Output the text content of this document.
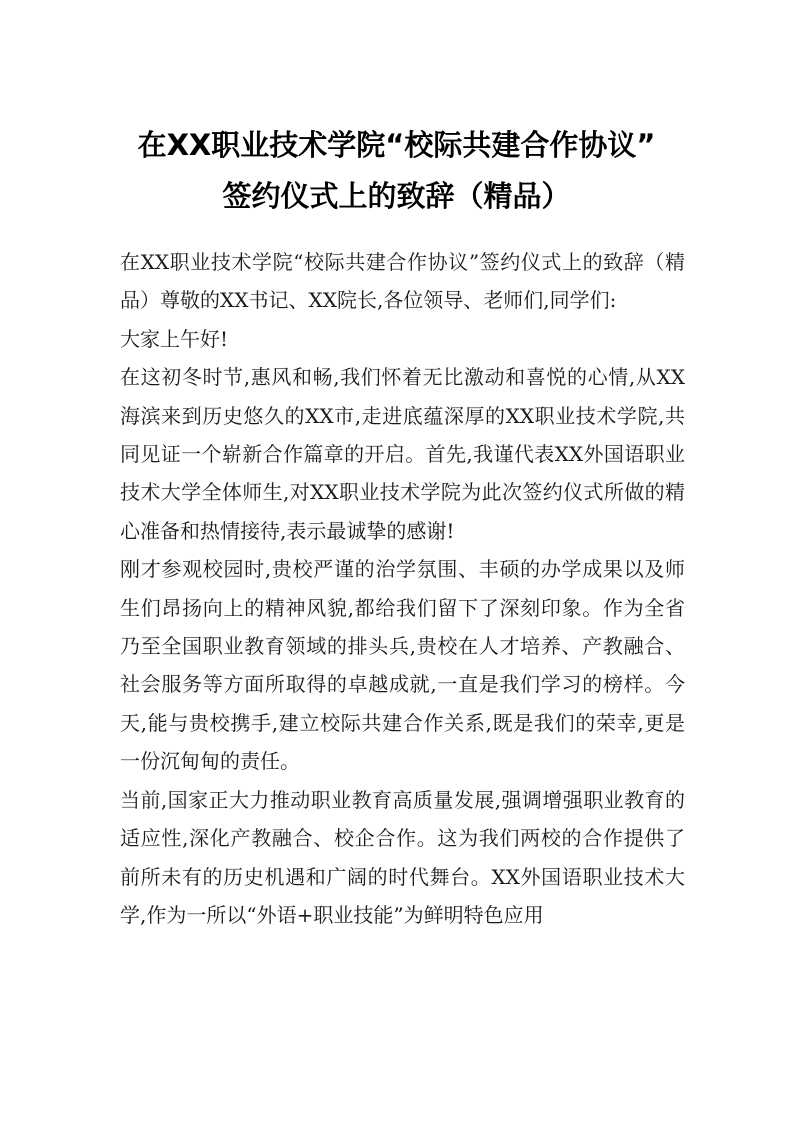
在XX职业技术学院“校际共建合作协议”
签约仪式上的致辞（精品）

在XX职业技术学院“校际共建合作协议”签约仪式上的致辞（精品）尊敬的XX书记、XX院长,各位领导、老师们,同学们:

大家上午好!

在这初冬时节,惠风和畅,我们怀着无比激动和喜悦的心情,从XX海滨来到历史悠久的XX市,走进底蕴深厚的XX职业技术学院,共同见证一个崭新合作篇章的开启。首先,我谨代表XX外国语职业技术大学全体师生,对XX职业技术学院为此次签约仪式所做的精心准备和热情接待,表示最诚挚的感谢!

刚才参观校园时,贵校严谨的治学氛围、丰硕的办学成果以及师生们昂扬向上的精神风貌,都给我们留下了深刻印象。作为全省乃至全国职业教育领域的排头兵,贵校在人才培养、产教融合、社会服务等方面所取得的卓越成就,一直是我们学习的榜样。今天,能与贵校携手,建立校际共建合作关系,既是我们的荣幸,更是一份沉甸甸的责任。

当前,国家正大力推动职业教育高质量发展,强调增强职业教育的适应性,深化产教融合、校企合作。这为我们两校的合作提供了前所未有的历史机遇和广阔的时代舞台。XX外国语职业技术大学,作为一所以“外语+职业技能”为鲜明特色应用
